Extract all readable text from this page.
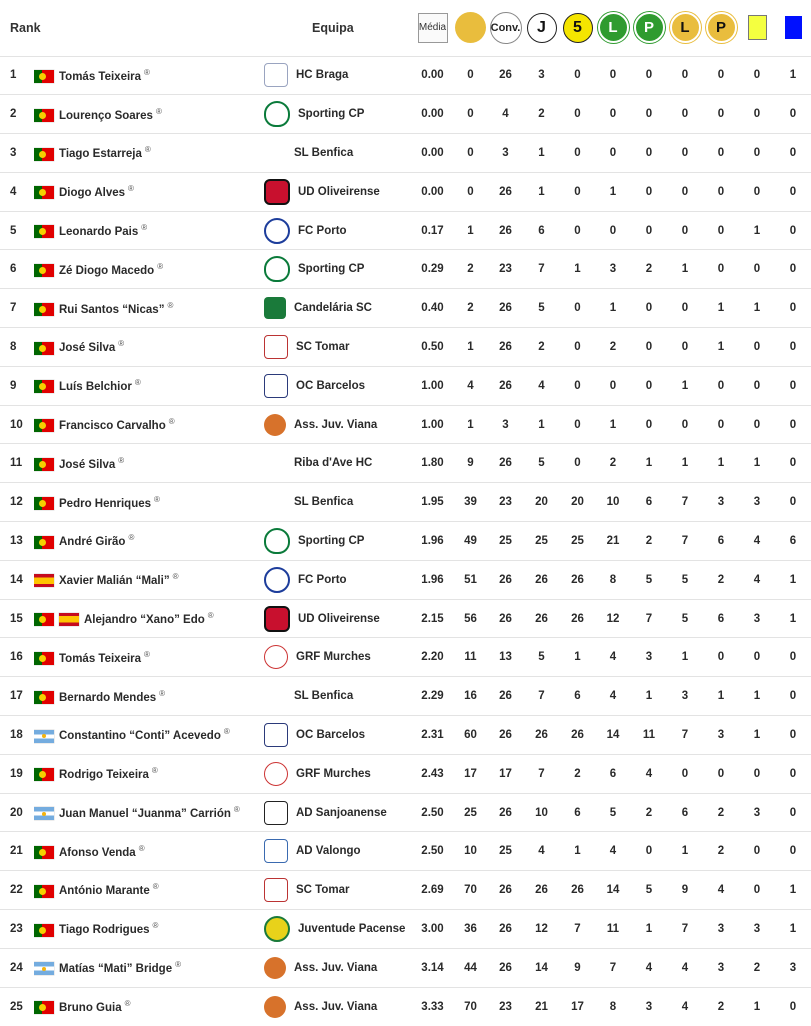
Rank		Equipa	Média		Conv.	J	5	L	P	L	P		
1	Tomás Teixeira ®	HC Braga	0.00	0	26	3	0	0	0	0	0	0	1
2	Lourenço Soares ®	Sporting CP	0.00	0	4	2	0	0	0	0	0	0	0
3	Tiago Estarreja ®	SL Benfica	0.00	0	3	1	0	0	0	0	0	0	0
4	Diogo Alves ®	UD Oliveirense	0.00	0	26	1	0	1	0	0	0	0	0
5	Leonardo Pais ®	FC Porto	0.17	1	26	6	0	0	0	0	0	1	0
6	Zé Diogo Macedo ®	Sporting CP	0.29	2	23	7	1	3	2	1	0	0	0
7	Rui Santos “Nicas” ®	Candelária SC	0.40	2	26	5	0	1	0	0	1	1	0
8	José Silva ®	SC Tomar	0.50	1	26	2	0	2	0	0	1	0	0
9	Luís Belchior ®	OC Barcelos	1.00	4	26	4	0	0	0	1	0	0	0
10	Francisco Carvalho ®	Ass. Juv. Viana	1.00	1	3	1	0	1	0	0	0	0	0
11	José Silva ®	Riba d'Ave HC	1.80	9	26	5	0	2	1	1	1	1	0
12	Pedro Henriques ®	SL Benfica	1.95	39	23	20	20	10	6	7	3	3	0
13	André Girão ®	Sporting CP	1.96	49	25	25	25	21	2	7	6	4	6
14	Xavier Malián “Mali” ®	FC Porto	1.96	51	26	26	26	8	5	5	2	4	1
15	Alejandro “Xano” Edo ®	UD Oliveirense	2.15	56	26	26	26	12	7	5	6	3	1
16	Tomás Teixeira ®	GRF Murches	2.20	11	13	5	1	4	3	1	0	0	0
17	Bernardo Mendes ®	SL Benfica	2.29	16	26	7	6	4	1	3	1	1	0
18	Constantino “Conti” Acevedo ®	OC Barcelos	2.31	60	26	26	26	14	11	7	3	1	0
19	Rodrigo Teixeira ®	GRF Murches	2.43	17	17	7	2	6	4	0	0	0	0
20	Juan Manuel “Juanma” Carrión ®	AD Sanjoanense	2.50	25	26	10	6	5	2	6	2	3	0
21	Afonso Venda ®	AD Valongo	2.50	10	25	4	1	4	0	1	2	0	0
22	António Marante ®	SC Tomar	2.69	70	26	26	26	14	5	9	4	0	1
23	Tiago Rodrigues ®	Juventude Pacense	3.00	36	26	12	7	11	1	7	3	3	1
24	Matías “Mati” Bridge ®	Ass. Juv. Viana	3.14	44	26	14	9	7	4	4	3	2	3
25	Bruno Guia ®	Ass. Juv. Viana	3.33	70	23	21	17	8	3	4	2	1	0
